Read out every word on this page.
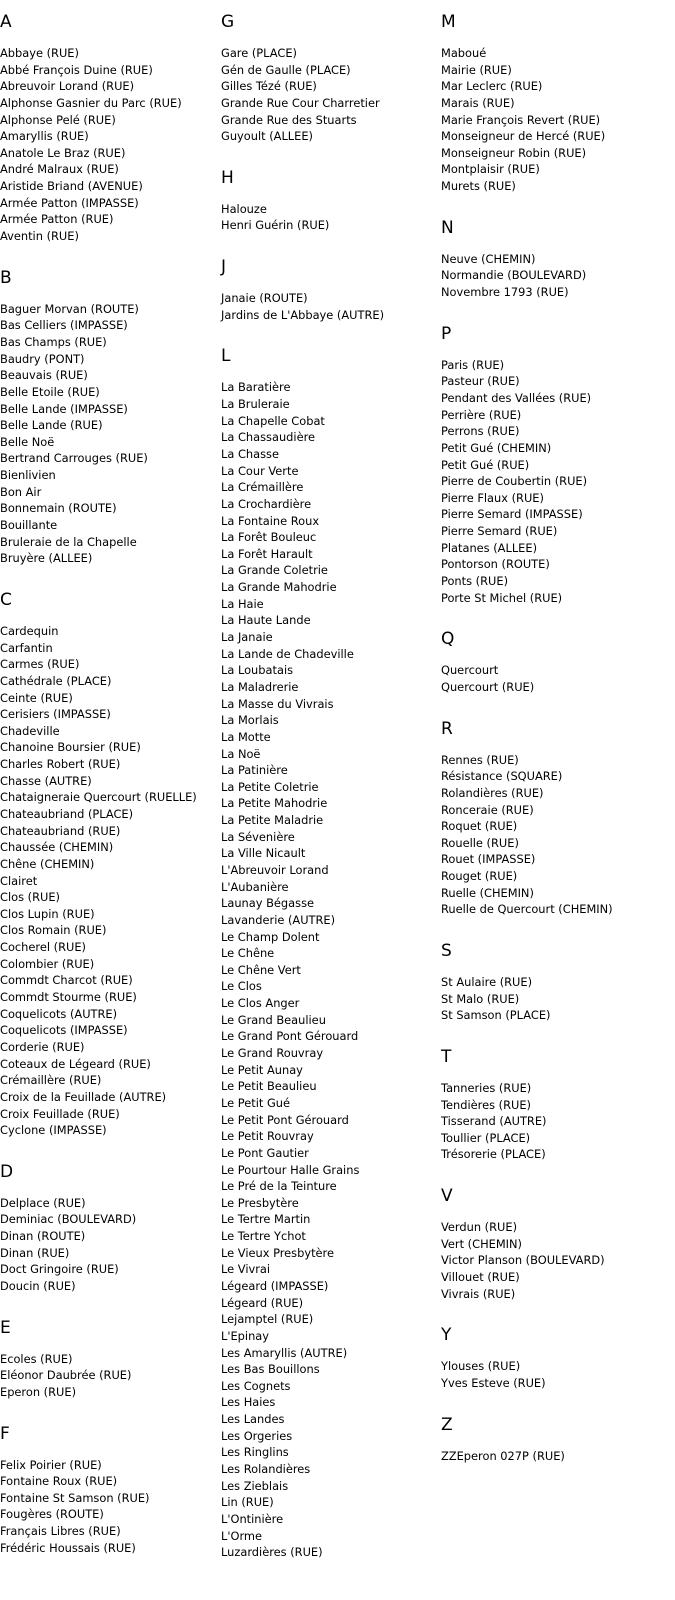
A
Abbaye (RUE)
Abbé François Duine (RUE)
Abreuvoir Lorand (RUE)
Alphonse Gasnier du Parc (RUE)
Alphonse Pelé (RUE)
Amaryllis (RUE)
Anatole Le Braz (RUE)
André Malraux (RUE)
Aristide Briand (AVENUE)
Armée Patton (IMPASSE)
Armée Patton (RUE)
Aventin (RUE)
B
Baguer Morvan (ROUTE)
Bas Celliers (IMPASSE)
Bas Champs (RUE)
Baudry (PONT)
Beauvais (RUE)
Belle Etoile (RUE)
Belle Lande (IMPASSE)
Belle Lande (RUE)
Belle Noë
Bertrand Carrouges (RUE)
Bienlivien
Bon Air
Bonnemain (ROUTE)
Bouillante
Bruleraie de la Chapelle
Bruyère (ALLEE)
C
Cardequin
Carfantin
Carmes (RUE)
Cathédrale (PLACE)
Ceinte (RUE)
Cerisiers (IMPASSE)
Chadeville
Chanoine Boursier (RUE)
Charles Robert (RUE)
Chasse (AUTRE)
Chataigneraie Quercourt (RUELLE)
Chateaubriand (PLACE)
Chateaubriand (RUE)
Chaussée (CHEMIN)
Chêne (CHEMIN)
Clairet
Clos (RUE)
Clos Lupin (RUE)
Clos Romain (RUE)
Cocherel (RUE)
Colombier (RUE)
Commdt Charcot (RUE)
Commdt Stourme (RUE)
Coquelicots (AUTRE)
Coquelicots (IMPASSE)
Corderie (RUE)
Coteaux de Légeard (RUE)
Crémaillère (RUE)
Croix de la Feuillade (AUTRE)
Croix Feuillade (RUE)
Cyclone (IMPASSE)
D
Delplace (RUE)
Deminiac (BOULEVARD)
Dinan (ROUTE)
Dinan (RUE)
Doct Gringoire (RUE)
Doucin (RUE)
E
Ecoles (RUE)
Eléonor Daubrée (RUE)
Eperon (RUE)
F
Felix Poirier (RUE)
Fontaine Roux (RUE)
Fontaine St Samson (RUE)
Fougères (ROUTE)
Français Libres (RUE)
Frédéric Houssais (RUE)
G
Gare (PLACE)
Gén de Gaulle (PLACE)
Gilles Tézé (RUE)
Grande Rue Cour Charretier
Grande Rue des Stuarts
Guyoult (ALLEE)
H
Halouze
Henri Guérin (RUE)
J
Janaie (ROUTE)
Jardins de L'Abbaye (AUTRE)
L
La Baratière
La Bruleraie
La Chapelle Cobat
La Chassaudière
La Chasse
La Cour Verte
La Crémaillère
La Crochardière
La Fontaine Roux
La Forêt Bouleuc
La Forêt Harault
La Grande Coletrie
La Grande Mahodrie
La Haie
La Haute Lande
La Janaie
La Lande de Chadeville
La Loubatais
La Maladrerie
La Masse du Vivrais
La Morlais
La Motte
La Noë
La Patinière
La Petite Coletrie
La Petite Mahodrie
La Petite Maladrie
La Sévenière
La Ville Nicault
L'Abreuvoir Lorand
L'Aubanière
Launay Bégasse
Lavanderie (AUTRE)
Le Champ Dolent
Le Chêne
Le Chêne Vert
Le Clos
Le Clos Anger
Le Grand Beaulieu
Le Grand Pont Gérouard
Le Grand Rouvray
Le Petit Aunay
Le Petit Beaulieu
Le Petit Gué
Le Petit Pont Gérouard
Le Petit Rouvray
Le Pont Gautier
Le Pourtour Halle Grains
Le Pré de la Teinture
Le Presbytère
Le Tertre Martin
Le Tertre Ychot
Le Vieux Presbytère
Le Vivrai
Légeard (IMPASSE)
Légeard (RUE)
Lejamptel (RUE)
L'Epinay
Les Amaryllis (AUTRE)
Les Bas Bouillons
Les Cognets
Les Haies
Les Landes
Les Orgeries
Les Ringlins
Les Rolandières
Les Zieblais
Lin (RUE)
L'Ontinière
L'Orme
Luzardières (RUE)
M
Maboué
Mairie (RUE)
Mar Leclerc (RUE)
Marais (RUE)
Marie François Revert (RUE)
Monseigneur de Hercé (RUE)
Monseigneur Robin (RUE)
Montplaisir (RUE)
Murets (RUE)
N
Neuve (CHEMIN)
Normandie (BOULEVARD)
Novembre 1793 (RUE)
P
Paris (RUE)
Pasteur (RUE)
Pendant des Vallées (RUE)
Perrière (RUE)
Perrons (RUE)
Petit Gué (CHEMIN)
Petit Gué (RUE)
Pierre de Coubertin (RUE)
Pierre Flaux (RUE)
Pierre Semard (IMPASSE)
Pierre Semard (RUE)
Platanes (ALLEE)
Pontorson (ROUTE)
Ponts (RUE)
Porte St Michel (RUE)
Q
Quercourt
Quercourt (RUE)
R
Rennes (RUE)
Résistance (SQUARE)
Rolandières (RUE)
Ronceraie (RUE)
Roquet (RUE)
Rouelle (RUE)
Rouet (IMPASSE)
Rouget (RUE)
Ruelle (CHEMIN)
Ruelle de Quercourt (CHEMIN)
S
St Aulaire (RUE)
St Malo (RUE)
St Samson (PLACE)
T
Tanneries (RUE)
Tendières (RUE)
Tisserand (AUTRE)
Toullier (PLACE)
Trésorerie (PLACE)
V
Verdun (RUE)
Vert (CHEMIN)
Victor Planson (BOULEVARD)
Villouet (RUE)
Vivrais (RUE)
Y
Ylouses (RUE)
Yves Esteve (RUE)
Z
ZZEperon 027P (RUE)
